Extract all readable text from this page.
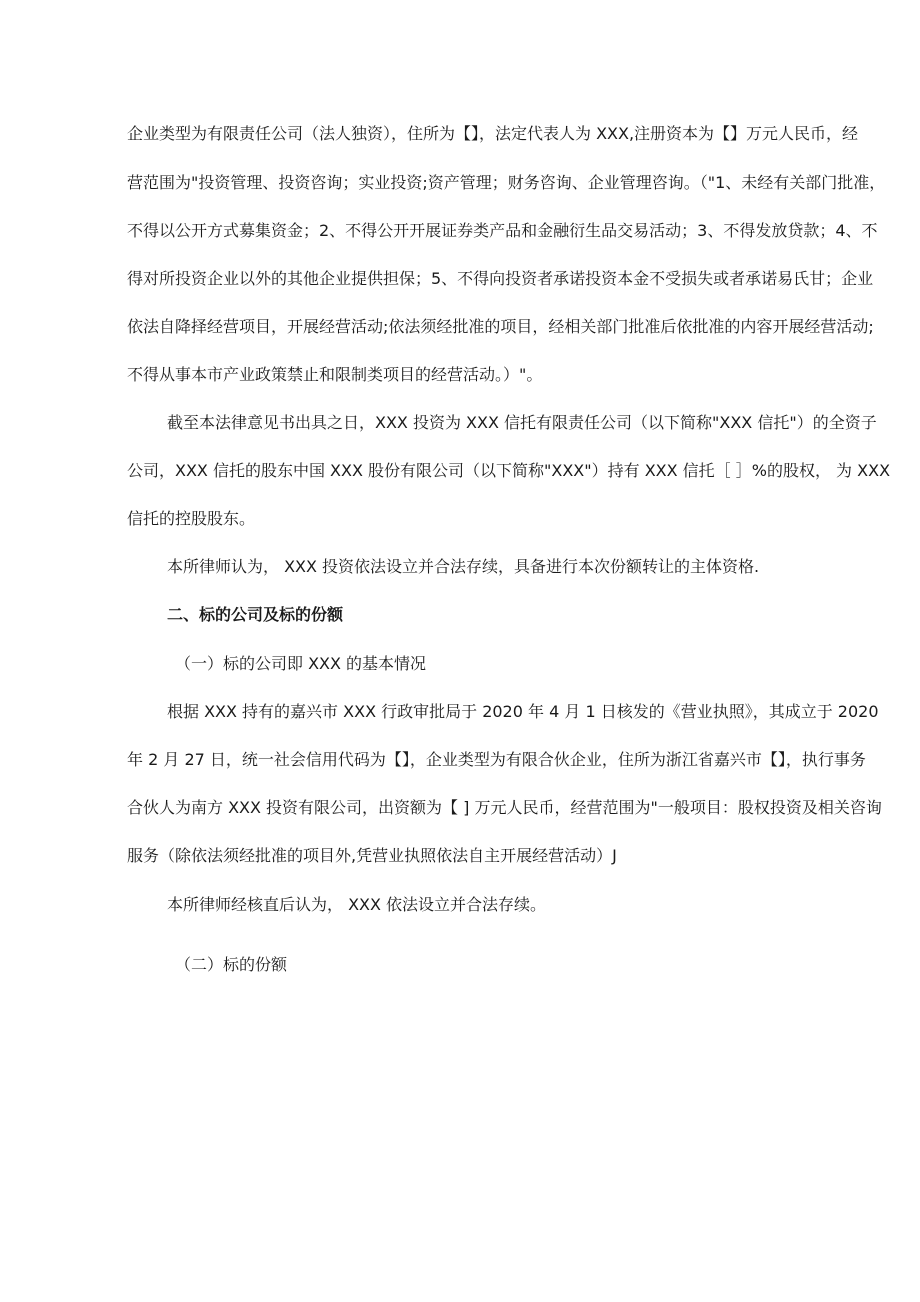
企业类型为有限责任公司（法人独资），住所为【】，法定代表人为 XXX,注册资本为【】万元人民币，经
营范围为"投资管理、投资咨询；实业投资;资产管理；财务咨询、企业管理咨询。（"1、未经有关部门批准，
不得以公开方式募集资金；2、不得公开开展证券类产品和金融衍生品交易活动；3、不得发放贷款；4、不
得对所投资企业以外的其他企业提供担保；5、不得向投资者承诺投资本金不受损失或者承诺易氏甘；企业
依法自降择经营项目，开展经营活动;依法须经批准的项目，经相关部门批准后依批准的内容开展经营活动;
不得从事本市产业政策禁止和限制类项目的经营活动。）"。
截至本法律意见书出具之日，XXX 投资为 XXX 信托有限责任公司（以下简称"XXX 信托"）的全资子
公司，XXX 信托的股东中国 XXX 股份有限公司（以下简称"XXX"）持有 XXX 信托［ ］%的股权， 为 XXX
信托的控股股东。
本所律师认为， XXX 投资依法设立并合法存续，具备进行本次份额转让的主体资格.
二、标的公司及标的份额
（一）标的公司即 XXX 的基本情况
根据 XXX 持有的嘉兴市 XXX 行政审批局于 2020 年 4 月 1 日核发的《营业执照》，其成立于 2020
年 2 月 27 日，统一社会信用代码为【】，企业类型为有限合伙企业，住所为浙江省嘉兴市【】，执行事务
合伙人为南方 XXX 投资有限公司，出资额为【 ] 万元人民币，经营范围为"一般项目：股权投资及相关咨询
服务（除依法须经批准的项目外,凭营业执照依法自主开展经营活动）J
本所律师经核直后认为， XXX 依法设立并合法存续。
（二）标的份额
